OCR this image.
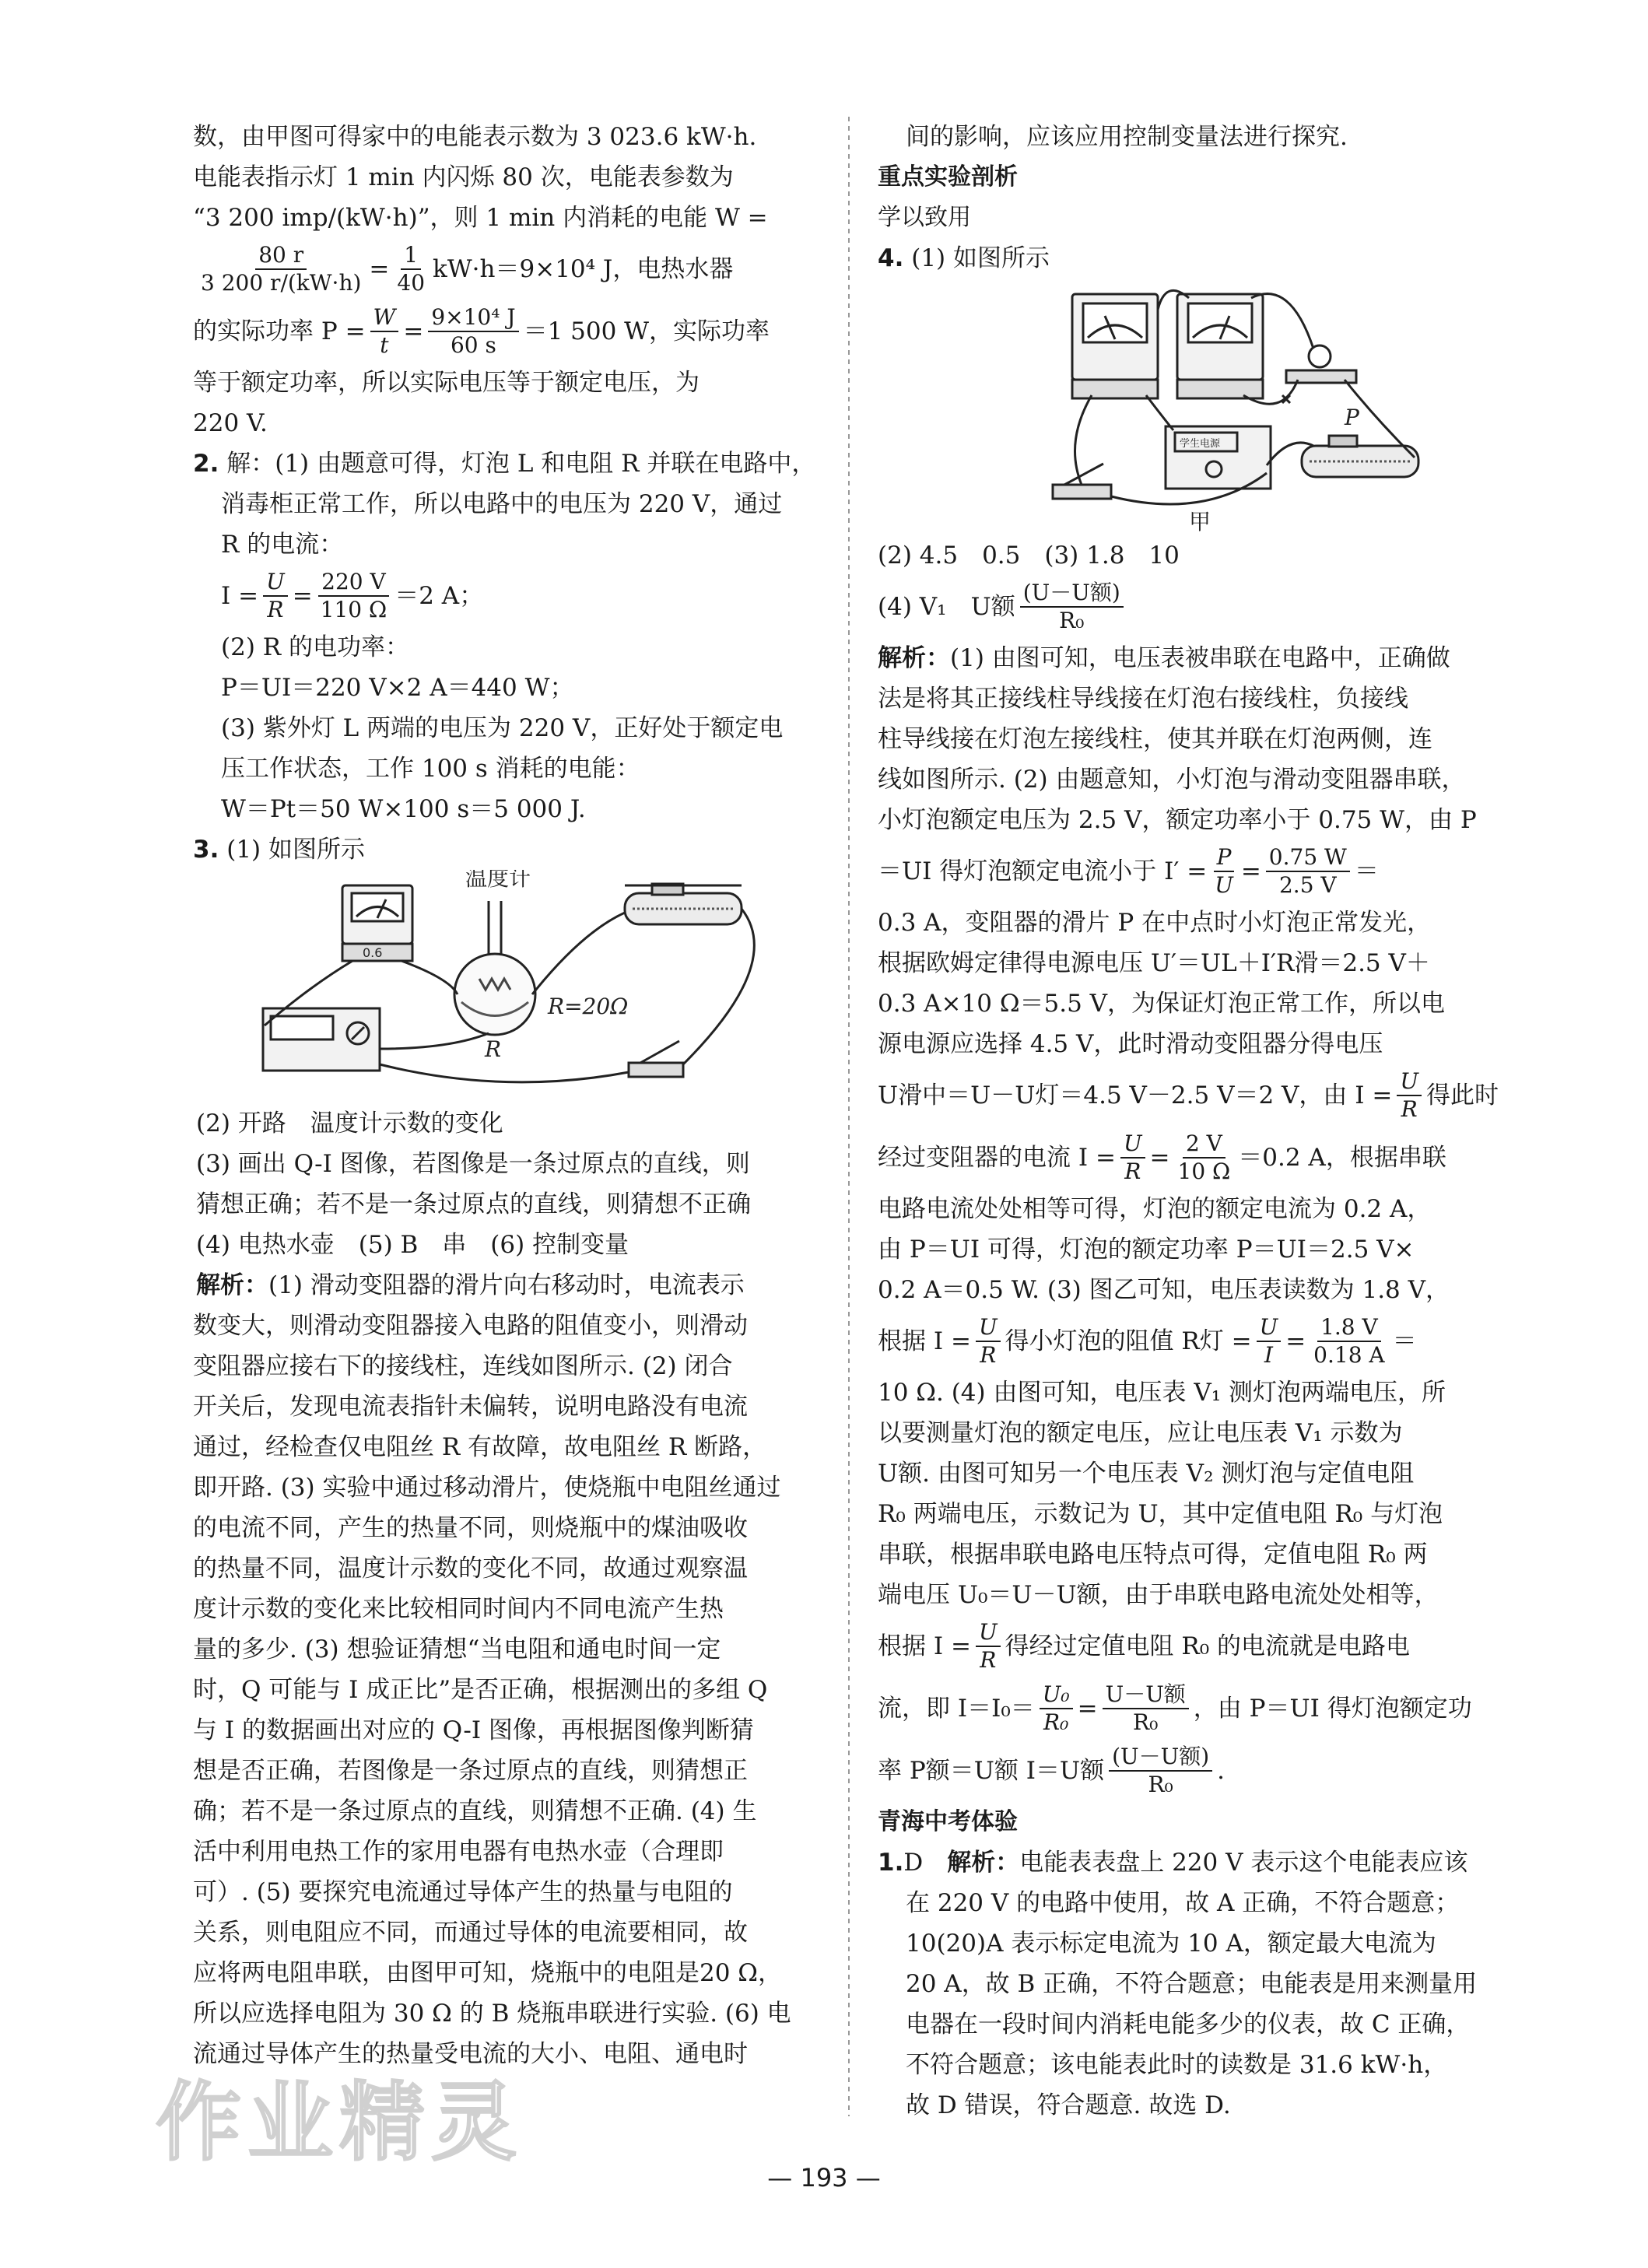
数，由甲图可得家中的电能表示数为 3 023.6 kW·h.
电能表指示灯 1 min 内闪烁 80 次，电能表参数为
“3 200 imp/(kW·h)”，则 1 min 内消耗的电能 W =
$\frac{80 r}{3 200 r/(kW\cdot h)} = \frac{1}{40} kW\cdot h=9\times 10^4$ J，电热水器
的实际功率 $P = \frac{W}{t} = \frac{\text{9×10⁴ J}}{60 s} =1$ 500 W，实际功率
等于额定功率，所以实际电压等于额定电压，为
220 V.
2. 解：(1) 由题意可得，灯泡 L 和电阻 R 并联在电路中，
消毒柜正常工作，所以电路中的电压为 220 V，通过
R 的电流：
$I = \frac{U}{R} = \frac{220 V}{110 \Omega} =2$ A；
(2) R 的电功率：
P＝UI＝220 V×2 A＝440 W；
(3) 紫外灯 L 两端的电压为 220 V，正好处于额定电
压工作状态，工作 100 s 消耗的电能：
W＝Pt＝50 W×100 s＝5 000 J.
3. (1) 如图所示
温度计
R=20Ω
R
0.6
(2) 开路　温度计示数的变化
(3) 画出 Q-I 图像，若图像是一条过原点的直线，则
猜想正确；若不是一条过原点的直线，则猜想不正确
(4) 电热水壶　(5) B　串　(6) 控制变量
解析：(1) 滑动变阻器的滑片向右移动时，电流表示
数变大，则滑动变阻器接入电路的阻值变小，则滑动
变阻器应接右下的接线柱，连线如图所示. (2) 闭合
开关后，发现电流表指针未偏转，说明电路没有电流
通过，经检查仅电阻丝 R 有故障，故电阻丝 R 断路，
即开路. (3) 实验中通过移动滑片，使烧瓶中电阻丝通过
的电流不同，产生的热量不同，则烧瓶中的煤油吸收
的热量不同，温度计示数的变化不同，故通过观察温
度计示数的变化来比较相同时间内不同电流产生热
量的多少. (3) 想验证猜想“当电阻和通电时间一定
时，Q 可能与 I 成正比”是否正确，根据测出的多组 Q
与 I 的数据画出对应的 Q-I 图像，再根据图像判断猜
想是否正确，若图像是一条过原点的直线，则猜想正
确；若不是一条过原点的直线，则猜想不正确. (4) 生
活中利用电热工作的家用电器有电热水壶（合理即
可）. (5) 要探究电流通过导体产生的热量与电阻的
关系，则电阻应不同，而通过导体的电流要相同，故
应将两电阻串联，由图甲可知，烧瓶中的电阻是20 Ω，
所以应选择电阻为 30 Ω 的 B 烧瓶串联进行实验. (6) 电
流通过导体产生的热量受电流的大小、电阻、通电时
间的影响，应该应用控制变量法进行探究.
重点实验剖析
学以致用
4. (1) 如图所示
P
学生电源
甲
(2) 4.5　0.5　(3) 1.8　10
(4) V₁　U额
(U－U额)
R₀
解析：(1) 由图可知，电压表被串联在电路中，正确做
法是将其正接线柱导线接在灯泡右接线柱，负接线
柱导线接在灯泡左接线柱，使其并联在灯泡两侧，连
线如图所示. (2) 由题意知，小灯泡与滑动变阻器串联，
小灯泡额定电压为 2.5 V，额定功率小于 0.75 W，由 P
＝UI 得灯泡额定电流小于 $I' = \frac{P}{U} = \frac{0.75 W}{2.5 V}$ ＝
0.3 A，变阻器的滑片 P 在中点时小灯泡正常发光，
根据欧姆定律得电源电压 U′＝UL＋I′R滑＝2.5 V＋
0.3 A×10 Ω＝5.5 V，为保证灯泡正常工作，所以电
源电源应选择 4.5 V，此时滑动变阻器分得电压
U滑中＝U－U灯＝4.5 V－2.5 V＝2 V，由 $I = \frac{U}{R}$ 得此时
经过变阻器的电流 $I = \frac{U}{R} = \frac{2 V}{10 \Omega} =0.2$ A，根据串联
电路电流处处相等可得，灯泡的额定电流为 0.2 A，
由 P＝UI 可得，灯泡的额定功率 P＝UI＝2.5 V×
0.2 A＝0.5 W. (3) 图乙可知，电压表读数为 1.8 V，
根据 $I = \frac{U}{R}$ 得小灯泡的阻值 R灯 = $\frac{U}{I} = \frac{1.8 V}{0.18 A}$ ＝
10 Ω. (4) 由图可知，电压表 V₁ 测灯泡两端电压，所
以要测量灯泡的额定电压，应让电压表 V₁ 示数为
U额. 由图可知另一个电压表 V₂ 测灯泡与定值电阻
R₀ 两端电压，示数记为 U，其中定值电阻 R₀ 与灯泡
串联，根据串联电路电压特点可得，定值电阻 R₀ 两
端电压 U₀＝U－U额，由于串联电路电流处处相等，
根据 $I = \frac{U}{R}$ 得经过定值电阻 R₀ 的电流就是电路电
流，即 $I=I_0= \frac{\text{U₀}}{\text{R₀}}$ =
U－U额
R₀ ，由 P＝UI 得灯泡额定功
率 P额＝U额 I＝U额
(U－U额)
R₀ .
青海中考体验
1.D　解析：电能表表盘上 220 V 表示这个电能表应该
在 220 V 的电路中使用，故 A 正确，不符合题意；
10(20)A 表示标定电流为 10 A，额定最大电流为
20 A，故 B 正确，不符合题意；电能表是用来测量用
电器在一段时间内消耗电能多少的仪表，故 C 正确，
不符合题意；该电能表此时的读数是 31.6 kW·h，
故 D 错误，符合题意. 故选 D.
作业精灵
— 193 —
